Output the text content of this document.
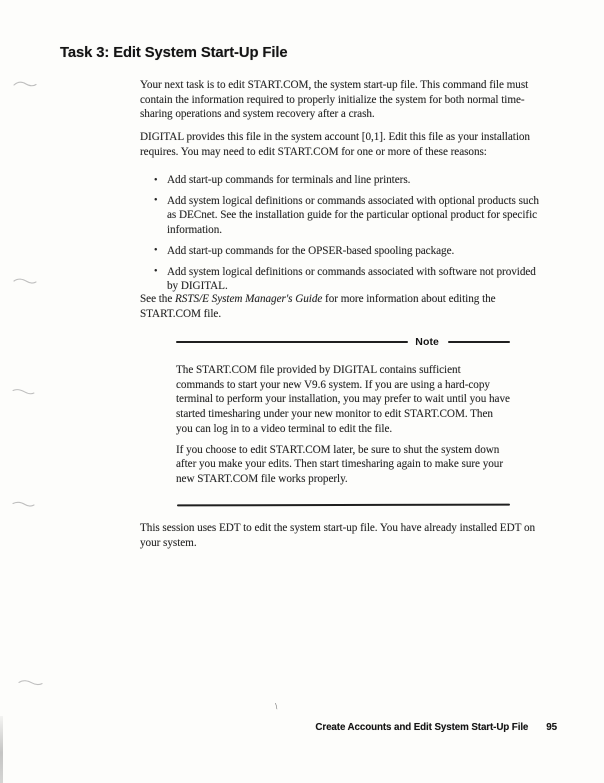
Task 3: Edit System Start-Up File

Your next task is to edit START.COM, the system start-up file. This command file must contain the information required to properly initialize the system for both normal time-sharing operations and system recovery after a crash.

DIGITAL provides this file in the system account [0,1]. Edit this file as your installation requires. You may need to edit START.COM for one or more of these reasons:

• Add start-up commands for terminals and line printers.
• Add system logical definitions or commands associated with optional products such as DECnet. See the installation guide for the particular optional product for specific information.
• Add start-up commands for the OPSER-based spooling package.
• Add system logical definitions or commands associated with software not provided by DIGITAL.

See the RSTS/E System Manager's Guide for more information about editing the START.COM file.

Note

The START.COM file provided by DIGITAL contains sufficient commands to start your new V9.6 system. If you are using a hard-copy terminal to perform your installation, you may prefer to wait until you have started timesharing under your new monitor to edit START.COM. Then you can log in to a video terminal to edit the file.

If you choose to edit START.COM later, be sure to shut the system down after you make your edits. Then start timesharing again to make sure your new START.COM file works properly.

This session uses EDT to edit the system start-up file. You have already installed EDT on your system.

\
Create Accounts and Edit System Start-Up File 95
